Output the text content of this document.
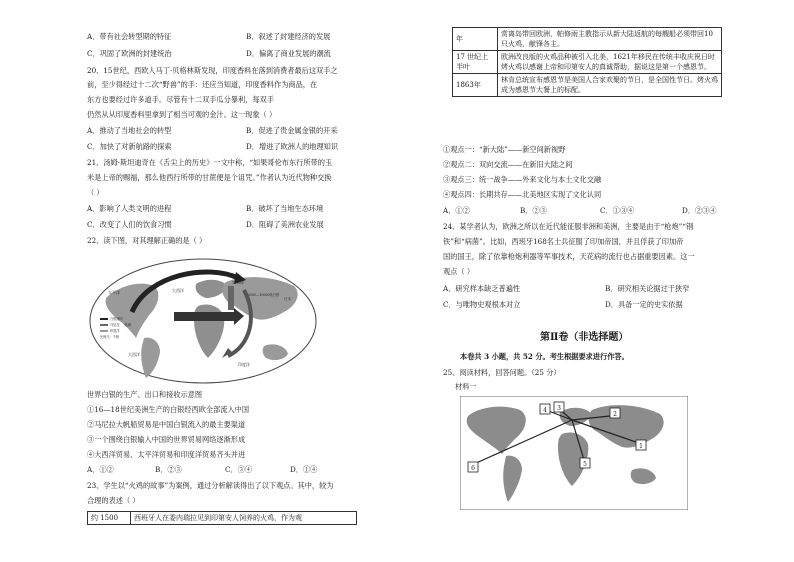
A．带有社会转型期的特征	B．叙述了封建经济的发展
C．巩固了欧洲的封建统治	D．偏离了商业发展的潮流
20、15世纪，西欧人马丁·贝格林斯发现，印度香料在落到消费者最后这双手之
前，至少得经过十二次“野兽”的手：还应当知道，印度香料作为商品，在
东方也要经过许多道手。尽管有十二双手瓜分暴利，每双手
仍然从从印度香料里拿到了相当可观的金汁。这一现象（ ）
A．推动了当地社会的转型	B．促进了贵金属金银的开采
C．加快了对新航路的探索	D．增进了欧洲人的地理知识
21、汤姆·斯坦迪奇在《舌尖上的历史》一文中称，“如果哥伦布东行所带的玉
米是上帝的赐福，那么他西行所带的甘蔗便是个诅咒。”作者认为近代物种交换
（ ）
A．影响了人类文明的进程	B．破坏了当地生态环境
C．改变了人们的饮食习惯	D．阻碍了美洲农业发展
22、读下图，对其理解正确的是（ ）
太平洋
大西洋
印度洋
大西洋
1700年
美洲
3000—10000吨白银
日本
白银流向
马尼拉
印度洋
比例尺：千吨
世界白银的生产、出口和接收示意图
①16—18世纪美洲生产的白银经西欧全部流入中国
②马尼拉大帆船贸易是中国白银流入的最主要渠道
③一个围绕白银输入中国的世界贸易网络逐渐形成
④大西洋贸易、太平洋贸易和印度洋贸易齐头并进
A．①②	B．②③	C．③④	D．①④
23、学生以“火鸡的故事”为案例，通过分析解读得出了以下观点。其中，较为
合理的表述（ ）
约 1500	西班牙人在委内瑞拉见到印第安人饲养的火鸡，作为观
年	赏离岛带回欧洲，帕修雨主教指示从新大陆返航的每艘船必须带回10只火鸡，献锋各主。
17 世纪上半叶	欧洲改良版的火鸡品种被引入北美，1621年移民在传统丰收庆祝日时烤火鸡以感谢上帝和印第安人的真诚帮助，据说这是第一个感恩节。
1863年	林肯总统宣布感恩节是美国人合家欢聚的节日，是全国性节日。烤火鸡成为感恩节大餐上的标配。
①观点一：“新大陆”——新空间新视野
②观点二：双向交流——在新旧大陆之间
③观点三：统一战争——外来文化与本土文化交融
④观点四：长期共存——北美地区实现了文化认同
A．①②	B．②③	C．①③④	D．②③④
24、某学者认为，欧洲之所以在近代能征服非洲和美洲，主要是由于“枪炮”“钢
铁”和“病菌”。比如，西班牙168名士兵征服了印加帝国，并且俘获了印加帝
国的国王，除了依靠枪炮利器等军事技术，天花病的流行也占据重要因素。这一
观点（ ）
A．研究样本缺乏普遍性	B．研究相关论据过于狭窄
C．与唯物史观根本对立	D．具备一定的史实依据
第Ⅱ卷（非选择题）
本卷共 3 小题，共 52 分。考生根据要求进行作答。
25、阅读材料，回答问题。（25 分）
材料一
4 3
2
1
5
6
